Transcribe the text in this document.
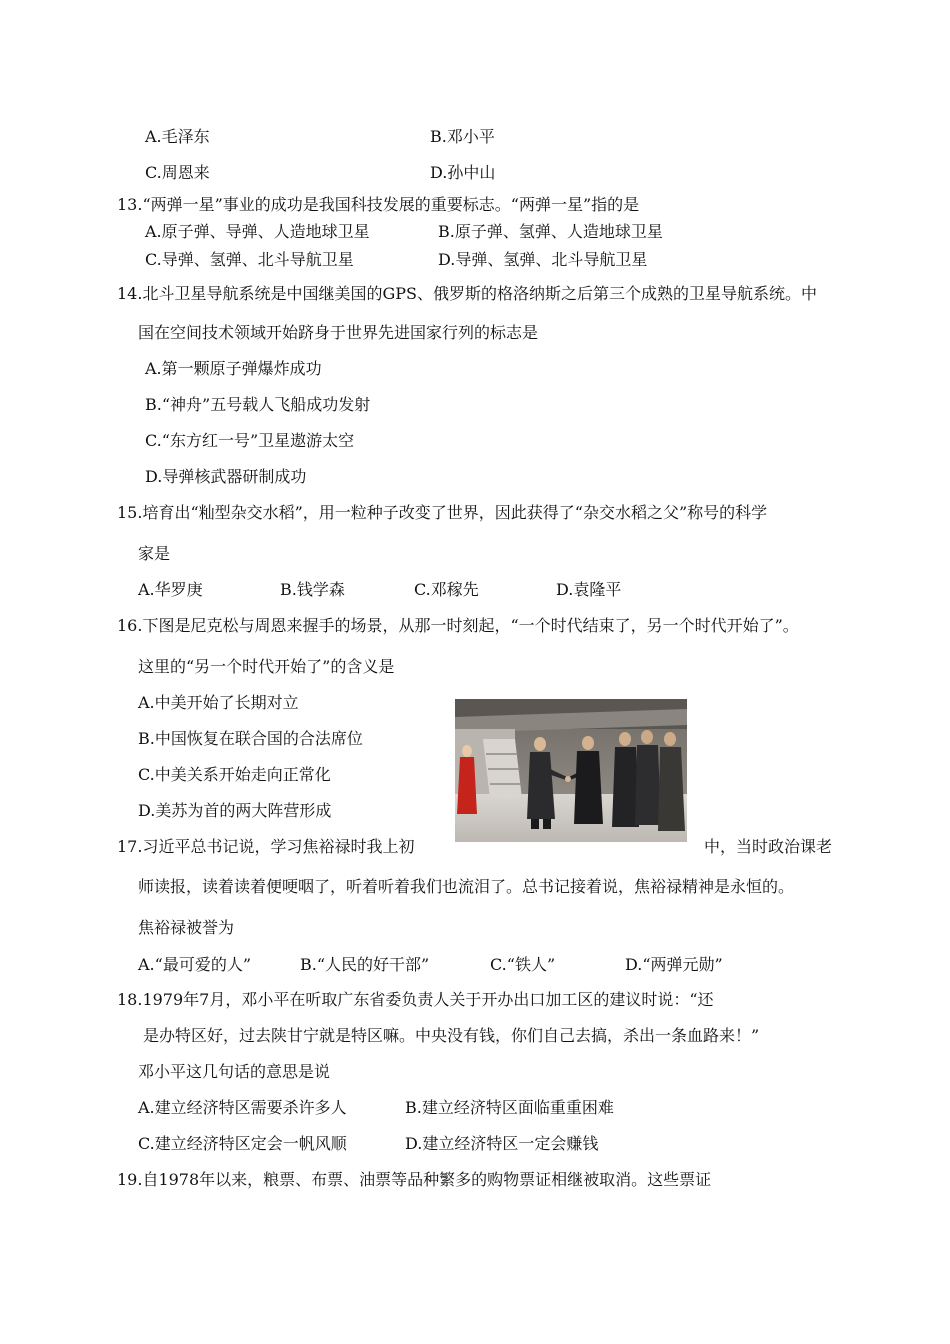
A.毛泽东	B.邓小平
C.周恩来	D.孙中山
13.“两弹一星”事业的成功是我国科技发展的重要标志。“两弹一星”指的是
A.原子弹、导弹、人造地球卫星	B.原子弹、氢弹、人造地球卫星
C.导弹、氢弹、北斗导航卫星	D.导弹、氢弹、北斗导航卫星
14.北斗卫星导航系统是中国继美国的GPS、俄罗斯的格洛纳斯之后第三个成熟的卫星导航系统。中
国在空间技术领域开始跻身于世界先进国家行列的标志是
A.第一颗原子弹爆炸成功
B.“神舟”五号载人飞船成功发射
C.“东方红一号”卫星遨游太空
D.导弹核武器研制成功
15.培育出“籼型杂交水稻”，用一粒种子改变了世界，因此获得了“杂交水稻之父”称号的科学
家是
A.华罗庚	B.钱学森	C.邓稼先	D.袁隆平
16.下图是尼克松与周恩来握手的场景，从那一时刻起，“一个时代结束了，另一个时代开始了”。
这里的“另一个时代开始了”的含义是
A.中美开始了长期对立
B.中国恢复在联合国的合法席位
C.中美关系开始走向正常化
D.美苏为首的两大阵营形成
17.习近平总书记说，学习焦裕禄时我上初	中，当时政治课老
师读报，读着读着便哽咽了，听着听着我们也流泪了。总书记接着说，焦裕禄精神是永恒的。
焦裕禄被誉为
A.“最可爱的人”	B.“人民的好干部”	C.“铁人”	D.“两弹元勋”
18.1979年7月，邓小平在听取广东省委负责人关于开办出口加工区的建议时说：“还
是办特区好，过去陕甘宁就是特区嘛。中央没有钱，你们自己去搞，杀出一条血路来！”
邓小平这几句话的意思是说
A.建立经济特区需要杀许多人	B.建立经济特区面临重重困难
C.建立经济特区定会一帆风顺	D.建立经济特区一定会赚钱
19.自1978年以来，粮票、布票、油票等品种繁多的购物票证相继被取消。这些票证
